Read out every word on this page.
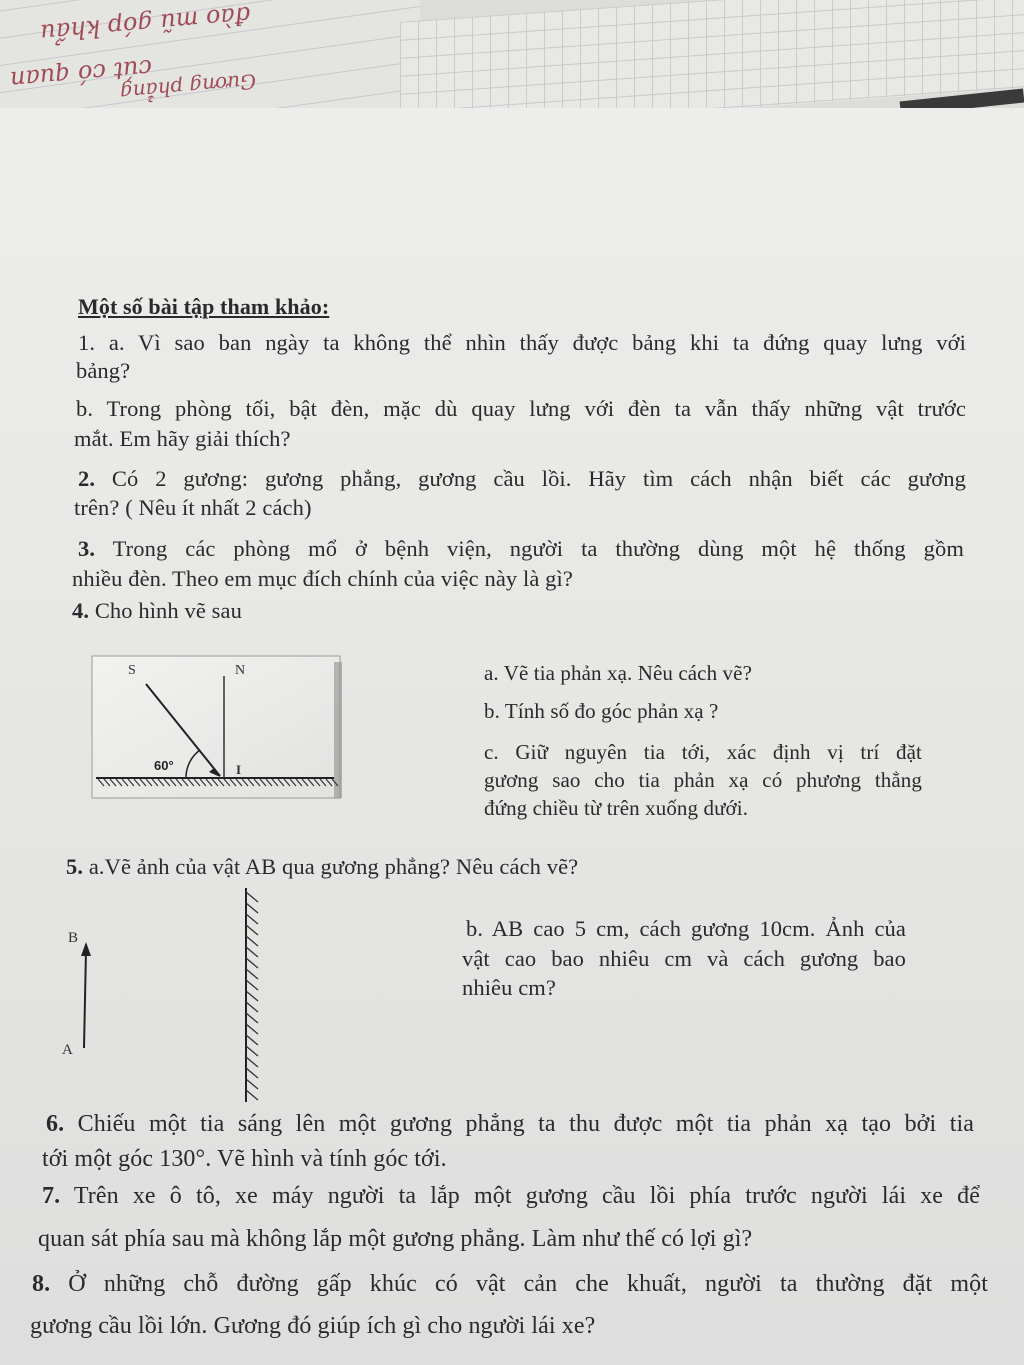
đào mũ góp khẩu
cút có quan
Gương phẳng
Một số bài tập tham khảo:
1. a. Vì sao ban ngày ta không thể nhìn thấy được bảng khi ta đứng quay lưng với
bảng?
b. Trong phòng tối, bật đèn, mặc dù quay lưng với đèn ta vẫn thấy những vật trước
mắt. Em hãy giải thích?
2. Có 2 gương: gương phẳng, gương cầu lồi. Hãy tìm cách nhận biết các gương
trên? ( Nêu ít nhất 2 cách)
3. Trong các phòng mổ ở bệnh viện, người ta thường dùng một hệ thống gồm
nhiều đèn. Theo em mục đích chính của việc này là gì?
4. Cho hình vẽ sau
S	N
I
60°
a. Vẽ tia phản xạ. Nêu cách vẽ?
b. Tính số đo góc phản xạ ?
c. Giữ nguyên tia tới, xác định vị trí đặt
gương sao cho tia phản xạ có phương thẳng
đứng chiều từ trên xuống dưới.
5. a.Vẽ ảnh của vật AB qua gương phẳng? Nêu cách vẽ?
B
A
b. AB cao 5 cm, cách gương 10cm. Ảnh của
vật cao bao nhiêu cm và cách gương bao
nhiêu cm?
6. Chiếu một tia sáng lên một gương phẳng ta thu được một tia phản xạ tạo bởi tia
tới một góc 130°. Vẽ hình và tính góc tới.
7. Trên xe ô tô, xe máy người ta lắp một gương cầu lồi phía trước người lái xe để
quan sát phía sau mà không lắp một gương phẳng. Làm như thế có lợi gì?
8. Ở những chỗ đường gấp khúc có vật cản che khuất, người ta thường đặt một
gương cầu lồi lớn. Gương đó giúp ích gì cho người lái xe?
